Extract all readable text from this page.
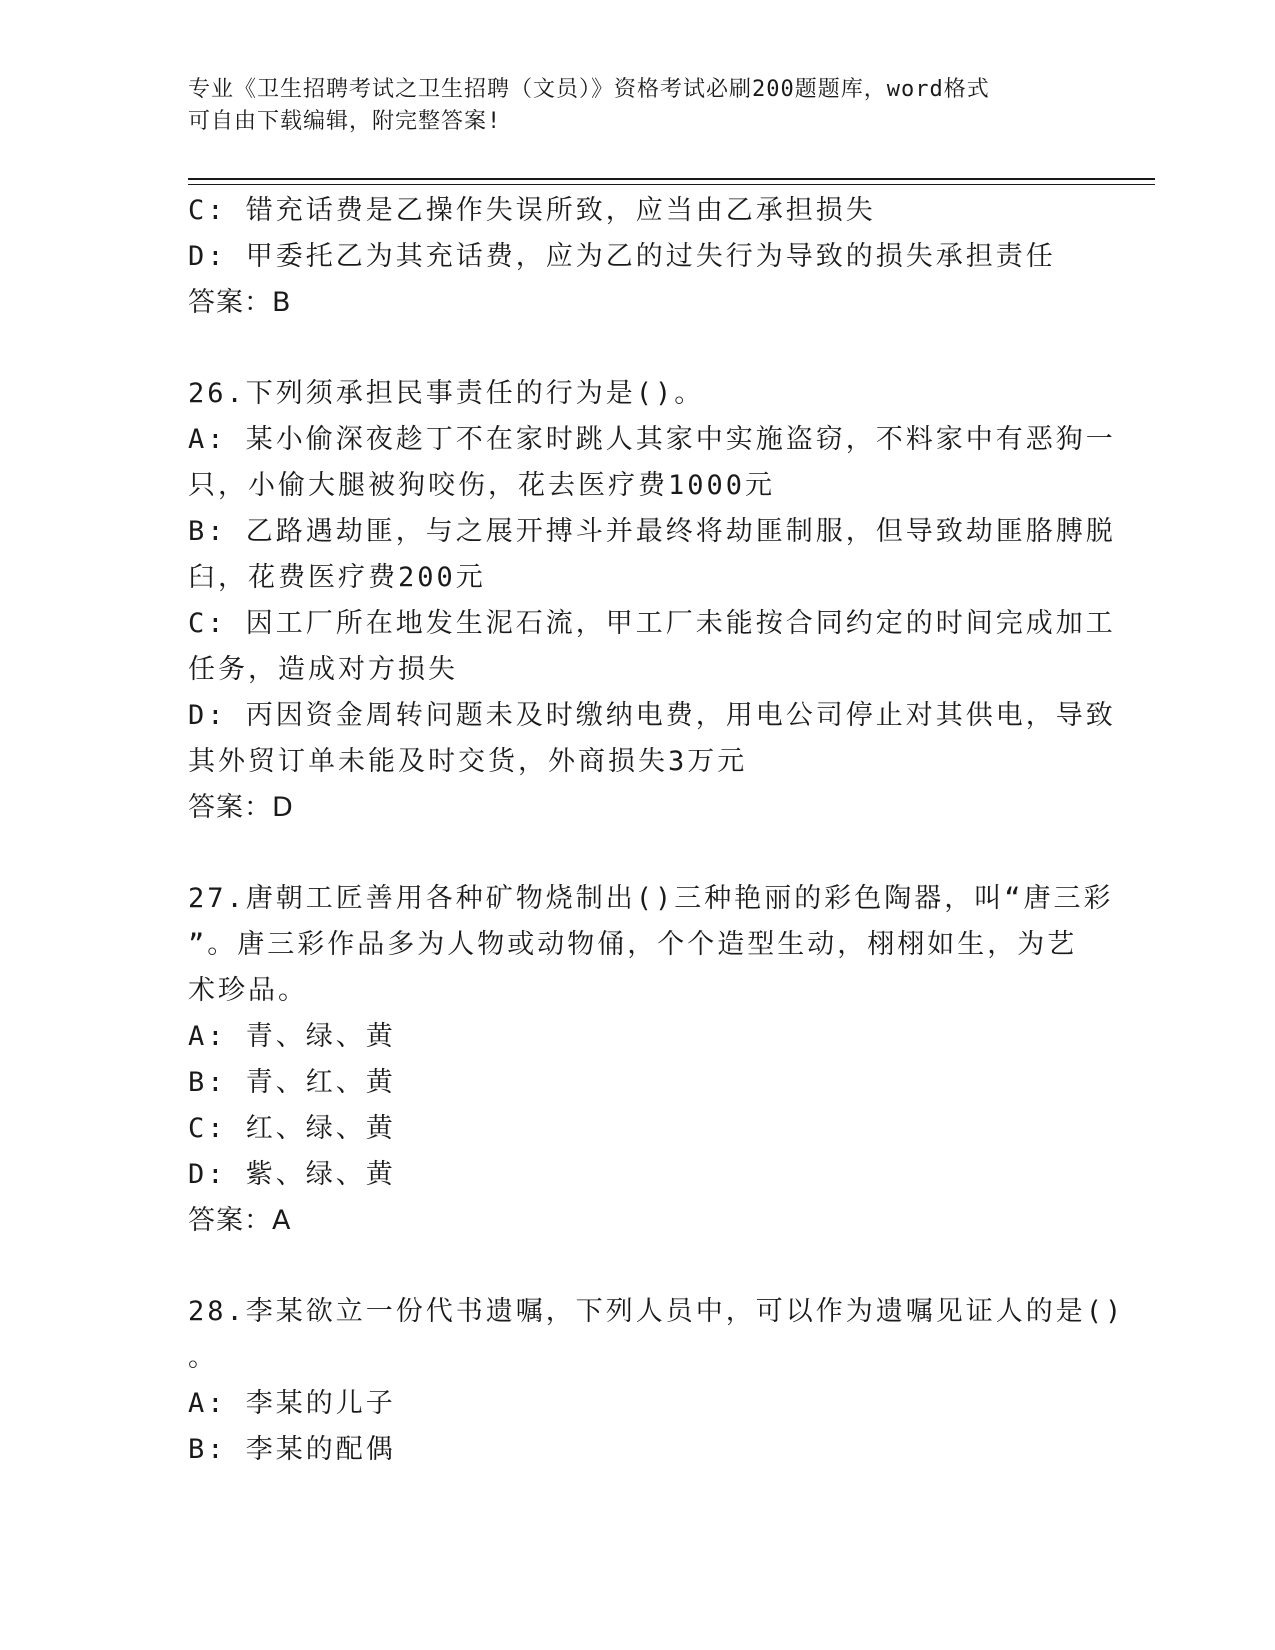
专业《卫生招聘考试之卫生招聘（文员）》资格考试必刷200题题库，word格式
可自由下载编辑，附完整答案!
C: 错充话费是乙操作失误所致，应当由乙承担损失
D: 甲委托乙为其充话费，应为乙的过失行为导致的损失承担责任
答案：B
26.下列须承担民事责任的行为是()。
A: 某小偷深夜趁丁不在家时跳人其家中实施盗窃，不料家中有恶狗一
只，小偷大腿被狗咬伤，花去医疗费1000元
B: 乙路遇劫匪，与之展开搏斗并最终将劫匪制服，但导致劫匪胳膊脱
臼，花费医疗费200元
C: 因工厂所在地发生泥石流，甲工厂未能按合同约定的时间完成加工
任务，造成对方损失
D: 丙因资金周转问题未及时缴纳电费，用电公司停止对其供电，导致
其外贸订单未能及时交货，外商损失3万元
答案：D
27.唐朝工匠善用各种矿物烧制出()三种艳丽的彩色陶器，叫“唐三彩
”。唐三彩作品多为人物或动物俑，个个造型生动，栩栩如生，为艺
术珍品。
A: 青、绿、黄
B: 青、红、黄
C: 红、绿、黄
D: 紫、绿、黄
答案：A
28.李某欲立一份代书遗嘱，下列人员中，可以作为遗嘱见证人的是()
。
A: 李某的儿子
B: 李某的配偶
